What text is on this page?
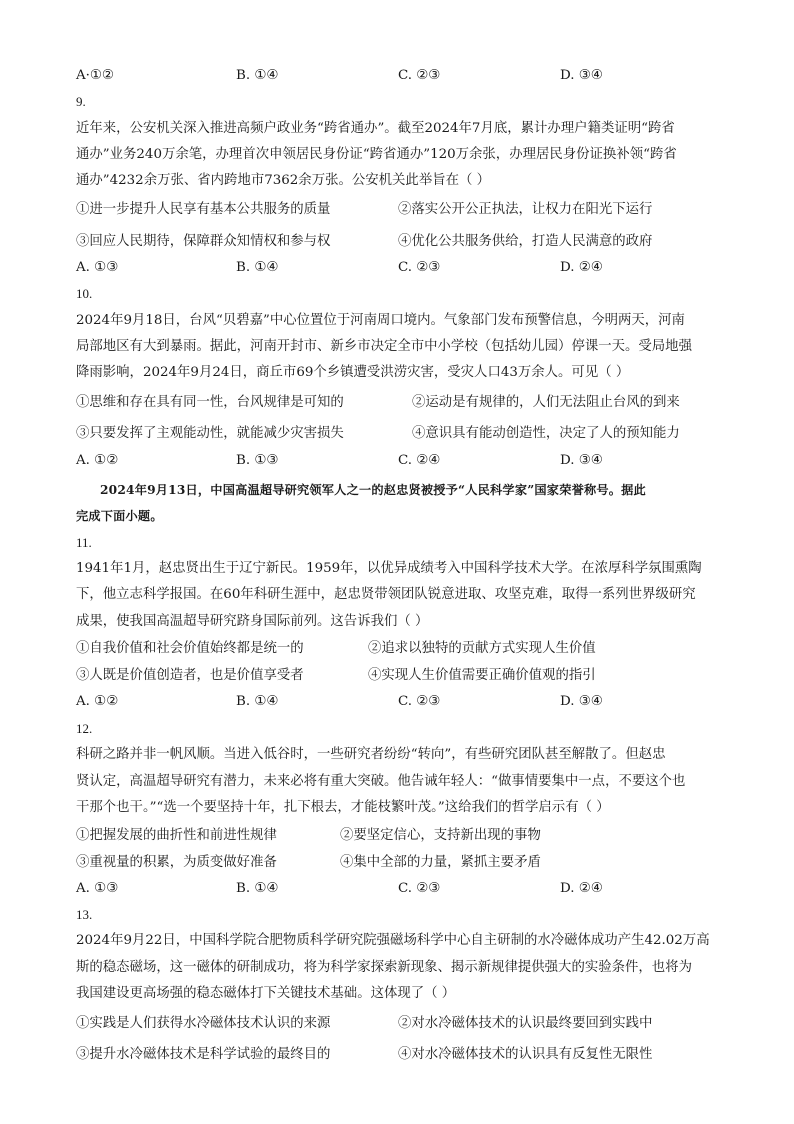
A·①②	B. ①④	C. ②③	D. ③④
9.
近年来，公安机关深入推进高频户政业务“跨省通办”。截至2024年7月底，累计办理户籍类证明“跨省
通办”业务240万余笔，办理首次申领居民身份证“跨省通办”120万余张，办理居民身份证换补领“跨省
通办”4232余万张、省内跨地市7362余万张。公安机关此举旨在（ ）
①进一步提升人民享有基本公共服务的质量	②落实公开公正执法，让权力在阳光下运行
③回应人民期待，保障群众知情权和参与权	④优化公共服务供给，打造人民满意的政府
A. ①③	B. ①④	C. ②③	D. ②④
10.
2024年9月18日，台风“贝碧嘉”中心位置位于河南周口境内。气象部门发布预警信息，今明两天，河南
局部地区有大到暴雨。据此，河南开封市、新乡市决定全市中小学校（包括幼儿园）停课一天。受局地强
降雨影响，2024年9月24日，商丘市69个乡镇遭受洪涝灾害，受灾人口43万余人。可见（ ）
①思维和存在具有同一性，台风规律是可知的	②运动是有规律的，人们无法阻止台风的到来
③只要发挥了主观能动性，就能减少灾害损失	④意识具有能动创造性，决定了人的预知能力
A. ①②	B. ①③	C. ②④	D. ③④
2024年9月13日，中国高温超导研究领军人之一的赵忠贤被授予“人民科学家”国家荣誉称号。据此
完成下面小题。
11.
1941年1月，赵忠贤出生于辽宁新民。1959年，以优异成绩考入中国科学技术大学。在浓厚科学氛围熏陶
下，他立志科学报国。在60年科研生涯中，赵忠贤带领团队锐意进取、攻坚克难，取得一系列世界级研究
成果，使我国高温超导研究跻身国际前列。这告诉我们（ ）
①自我价值和社会价值始终都是统一的	②追求以独特的贡献方式实现人生价值
③人既是价值创造者，也是价值享受者	④实现人生价值需要正确价值观的指引
A. ①②	B. ①④	C. ②③	D. ③④
12.
科研之路并非一帆风顺。当进入低谷时，一些研究者纷纷“转向”，有些研究团队甚至解散了。但赵忠
贤认定，高温超导研究有潜力，未来必将有重大突破。他告诫年轻人：“做事情要集中一点，不要这个也
干那个也干。”“选一个要坚持十年，扎下根去，才能枝繁叶茂。”这给我们的哲学启示有（ ）
①把握发展的曲折性和前进性规律	②要坚定信心，支持新出现的事物
③重视量的积累，为质变做好准备	④集中全部的力量，紧抓主要矛盾
A. ①③	B. ①④	C. ②③	D. ②④
13.
2024年9月22日，中国科学院合肥物质科学研究院强磁场科学中心自主研制的水冷磁体成功产生42.02万高
斯的稳态磁场，这一磁体的研制成功，将为科学家探索新现象、揭示新规律提供强大的实验条件，也将为
我国建设更高场强的稳态磁体打下关键技术基础。这体现了（ ）
①实践是人们获得水冷磁体技术认识的来源	②对水冷磁体技术的认识最终要回到实践中
③提升水冷磁体技术是科学试验的最终目的	④对水冷磁体技术的认识具有反复性无限性
